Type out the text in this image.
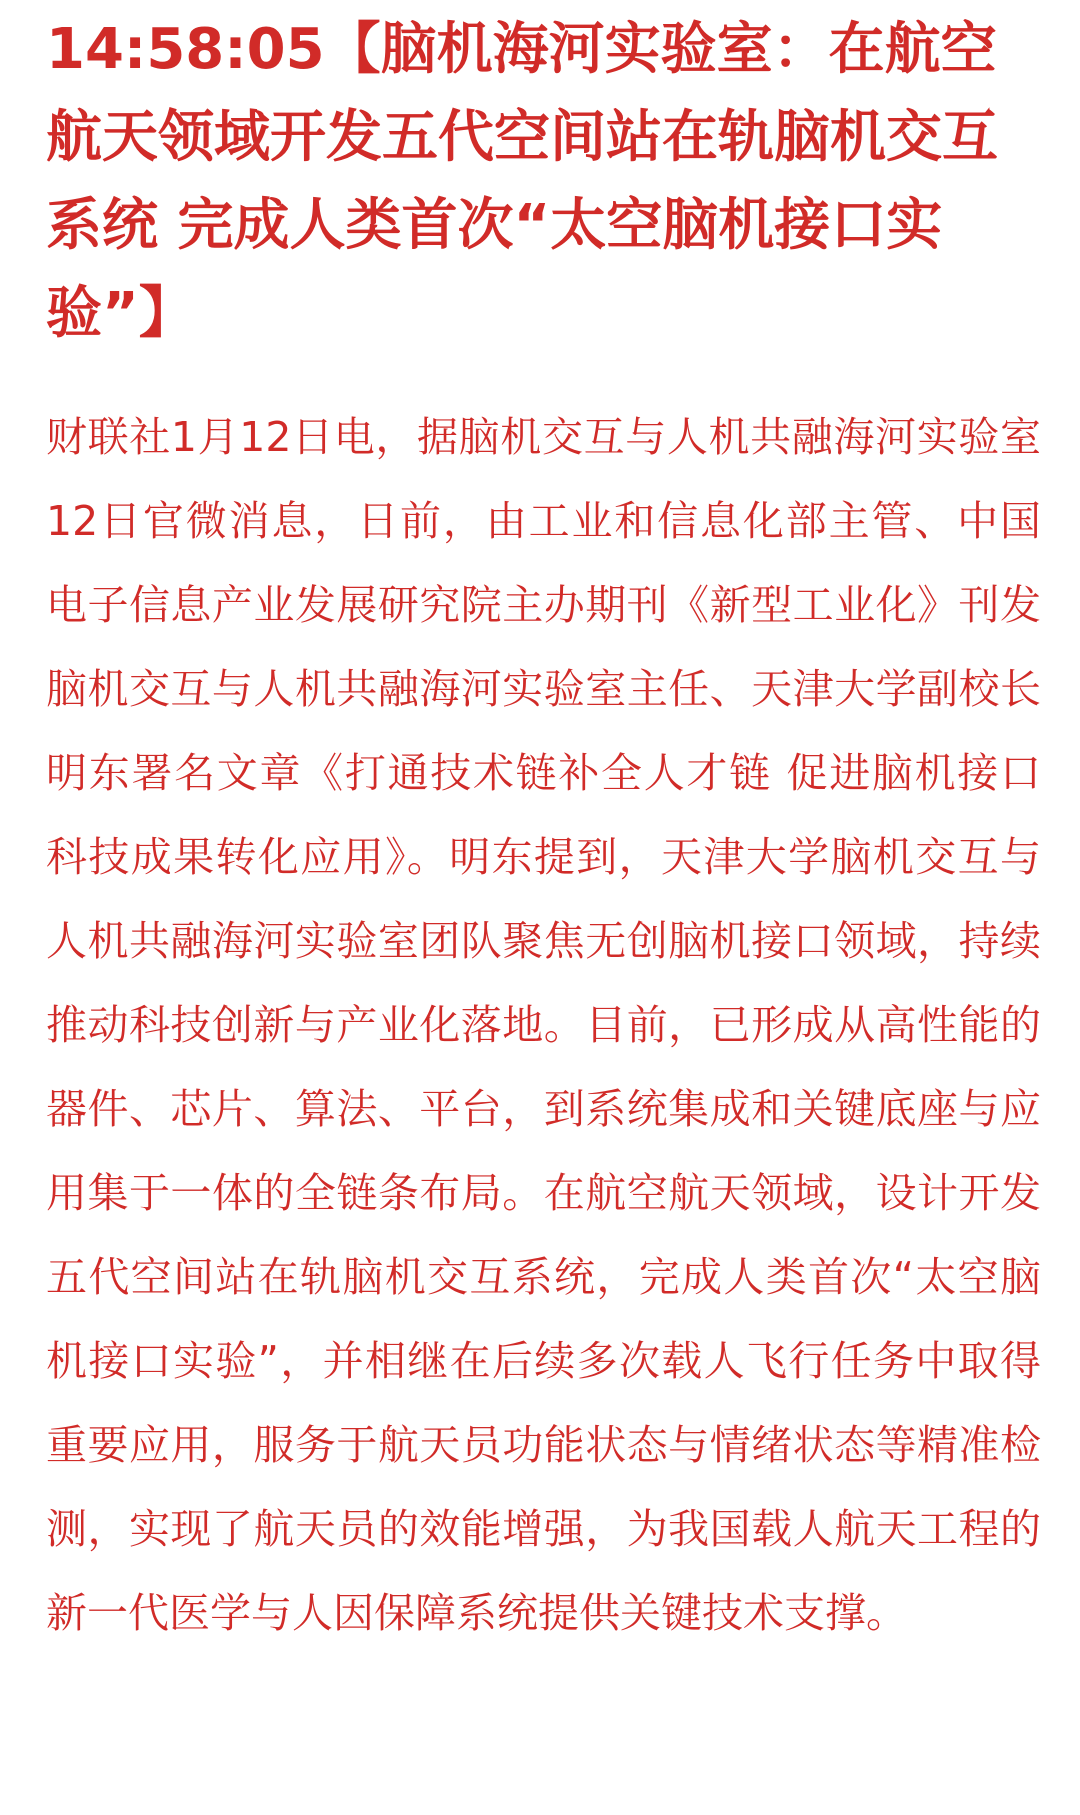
14:58:05【脑机海河实验室：在航空航天领域开发五代空间站在轨脑机交互系统 完成人类首次“太空脑机接口实验”】

财联社1月12日电，据脑机交互与人机共融海河实验室12日官微消息，日前，由工业和信息化部主管、中国电子信息产业发展研究院主办期刊《新型工业化》刊发脑机交互与人机共融海河实验室主任、天津大学副校长明东署名文章《打通技术链补全人才链 促进脑机接口科技成果转化应用》。明东提到，天津大学脑机交互与人机共融海河实验室团队聚焦无创脑机接口领域，持续推动科技创新与产业化落地。目前，已形成从高性能的器件、芯片、算法、平台，到系统集成和关键底座与应用集于一体的全链条布局。在航空航天领域，设计开发五代空间站在轨脑机交互系统，完成人类首次“太空脑机接口实验”，并相继在后续多次载人飞行任务中取得重要应用，服务于航天员功能状态与情绪状态等精准检测，实现了航天员的效能增强，为我国载人航天工程的新一代医学与人因保障系统提供关键技术支撑。
